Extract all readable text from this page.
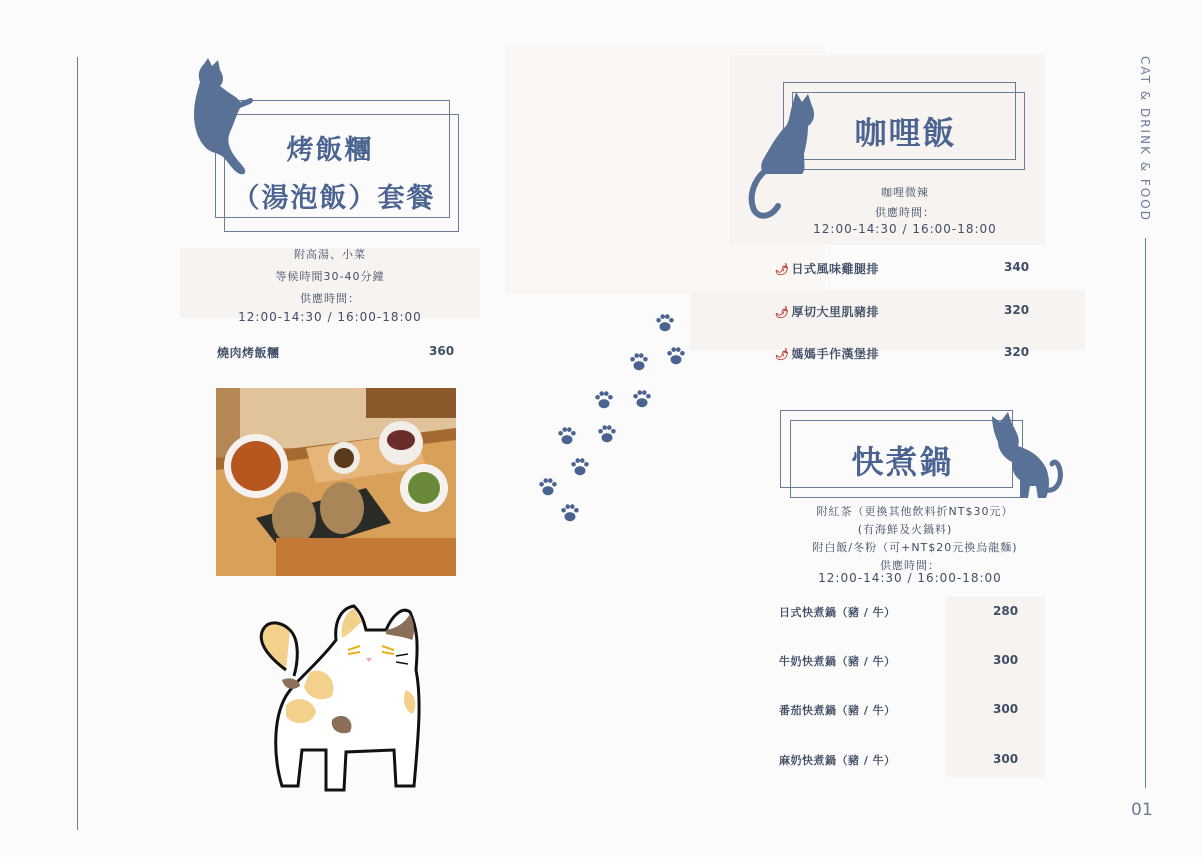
CAT & DRINK & FOOD
01
烤飯糰
（湯泡飯）套餐
附高湯、小菜
等候時間30-40分鐘
供應時間：
12:00-14:30 / 16:00-18:00
燒肉烤飯糰	360
咖哩飯
咖哩微辣
供應時間：
12:00-14:30 / 16:00-18:00
🌶 日式風味雞腿排	340
🌶 厚切大里肌豬排	320
🌶 媽媽手作漢堡排	320
快煮鍋
附紅茶（更換其他飲料折NT$30元）
(有海鮮及火鍋料)
附白飯/冬粉（可+NT$20元換烏龍麵)
供應時間：
12:00-14:30 / 16:00-18:00
日式快煮鍋（豬 / 牛）	280
牛奶快煮鍋（豬 / 牛）	300
番茄快煮鍋（豬 / 牛）	300
麻奶快煮鍋（豬 / 牛）	300
